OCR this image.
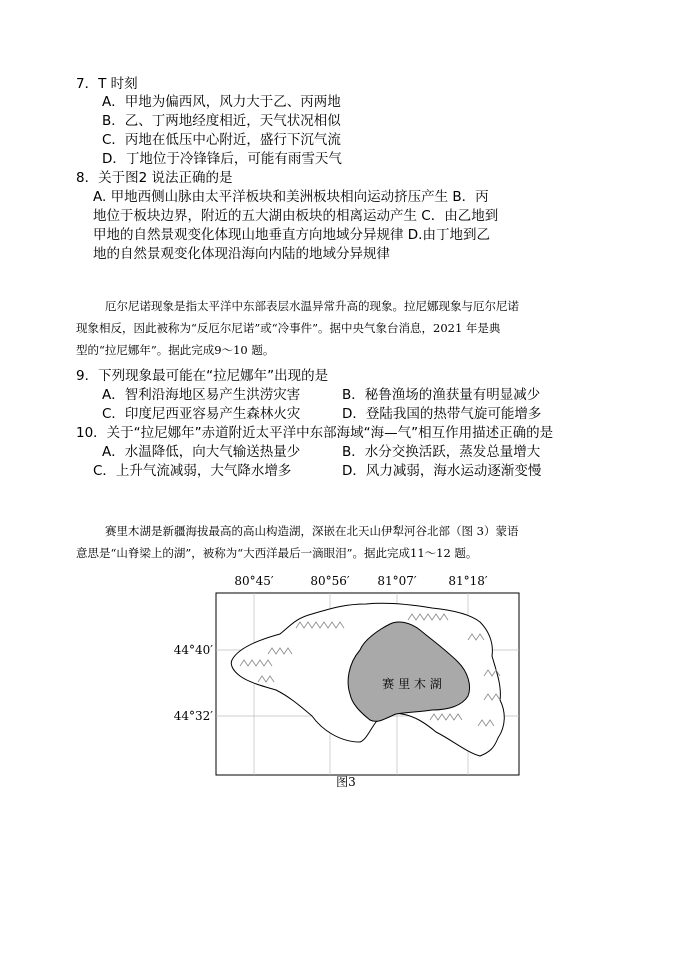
7．T 时刻
A．甲地为偏西风，风力大于乙、丙两地
B．乙、丁两地经度相近，天气状况相似
C．丙地在低压中心附近，盛行下沉气流
D．丁地位于冷锋锋后，可能有雨雪天气
8．关于图2 说法正确的是
A. 甲地西侧山脉由太平洋板块和美洲板块相向运动挤压产生 B．丙
地位于板块边界，附近的五大湖由板块的相离运动产生 C．由乙地到
甲地的自然景观变化体现山地垂直方向地域分异规律 D.由丁地到乙
地的自然景观变化体现沿海向内陆的地域分异规律
厄尔尼诺现象是指太平洋中东部表层水温异常升高的现象。拉尼娜现象与厄尔尼诺
现象相反，因此被称为“反厄尔尼诺”或“冷事件”。据中央气象台消息，2021 年是典
型的“拉尼娜年”。据此完成9～10 题。
9．下列现象最可能在“拉尼娜年”出现的是
A．智利沿海地区易产生洪涝灾害	B．秘鲁渔场的渔获量有明显减少
C．印度尼西亚容易产生森林火灾	D．登陆我国的热带气旋可能增多
10．关于“拉尼娜年”赤道附近太平洋中东部海域“海—气”相互作用描述正确的是
A．水温降低，向大气输送热量少	B．水分交换活跃，蒸发总量增大
C．上升气流减弱，大气降水增多	D．风力减弱，海水运动逐渐变慢
赛里木湖是新疆海拔最高的高山构造湖，深嵌在北天山伊犁河谷北部（图 3）蒙语
意思是“山脊梁上的湖”，被称为“大西洋最后一滴眼泪”。据此完成11～12 题。
80°45′	80°56′ 81°07′	81°18′
44°40′
44°32′
赛 里 木 湖
图3
